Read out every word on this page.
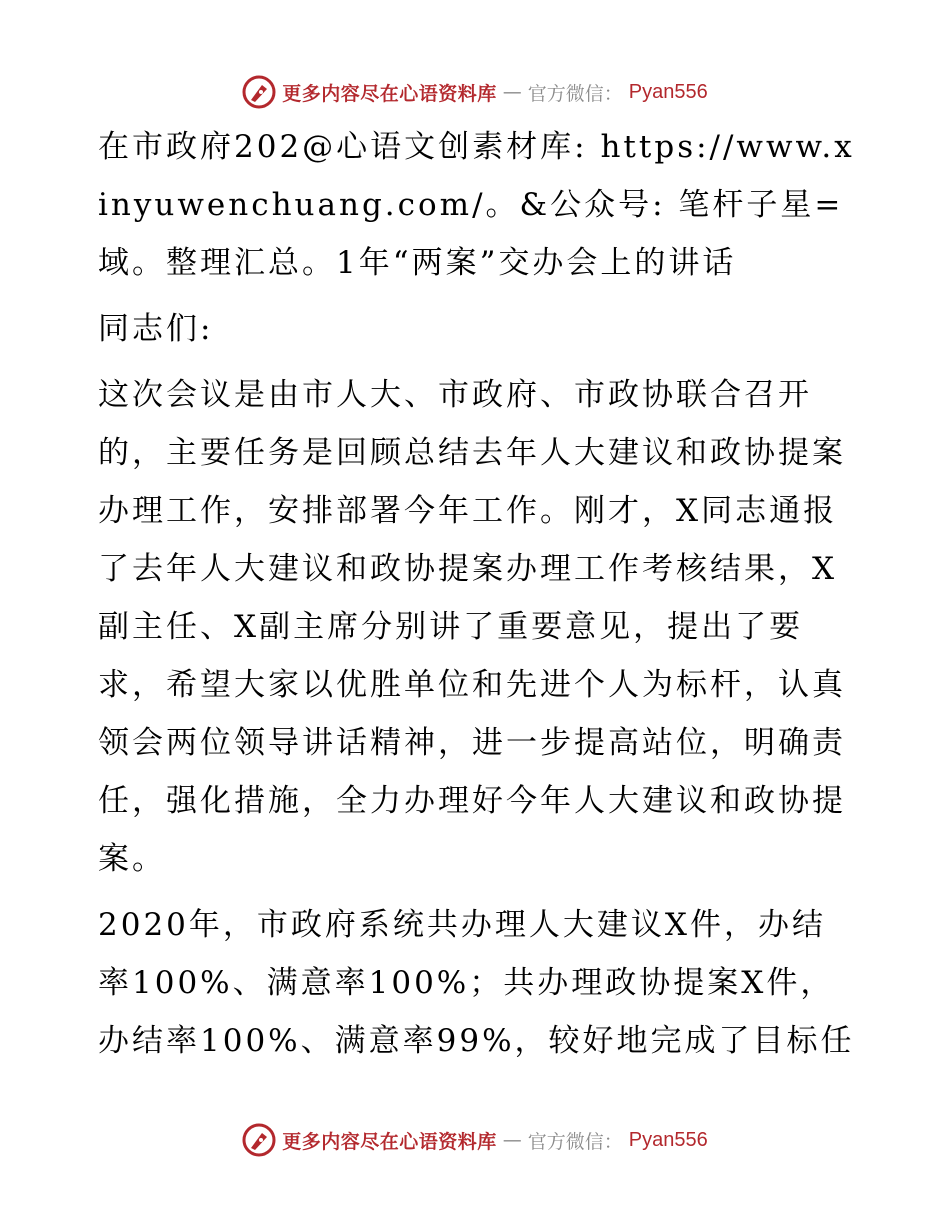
更多内容尽在心语资料库 — 官方微信： Pyan556

在市政府202@心语文创素材库: https://www.xinyuwenchuang.com/。&公众号: 笔杆子星=域。整理汇总。1年“两案”交办会上的讲话

同志们:

这次会议是由市人大、市政府、市政协联合召开的，主要任务是回顾总结去年人大建议和政协提案办理工作，安排部署今年工作。刚才，X同志通报了去年人大建议和政协提案办理工作考核结果，X副主任、X副主席分别讲了重要意见，提出了要求，希望大家以优胜单位和先进个人为标杆，认真领会两位领导讲话精神，进一步提高站位，明确责任，强化措施，全力办理好今年人大建议和政协提案。

2020年，市政府系统共办理人大建议X件，办结率100%、满意率100%；共办理政协提案X件，办结率100%、满意率99%，较好地完成了目标任

更多内容尽在心语资料库 — 官方微信： Pyan556
